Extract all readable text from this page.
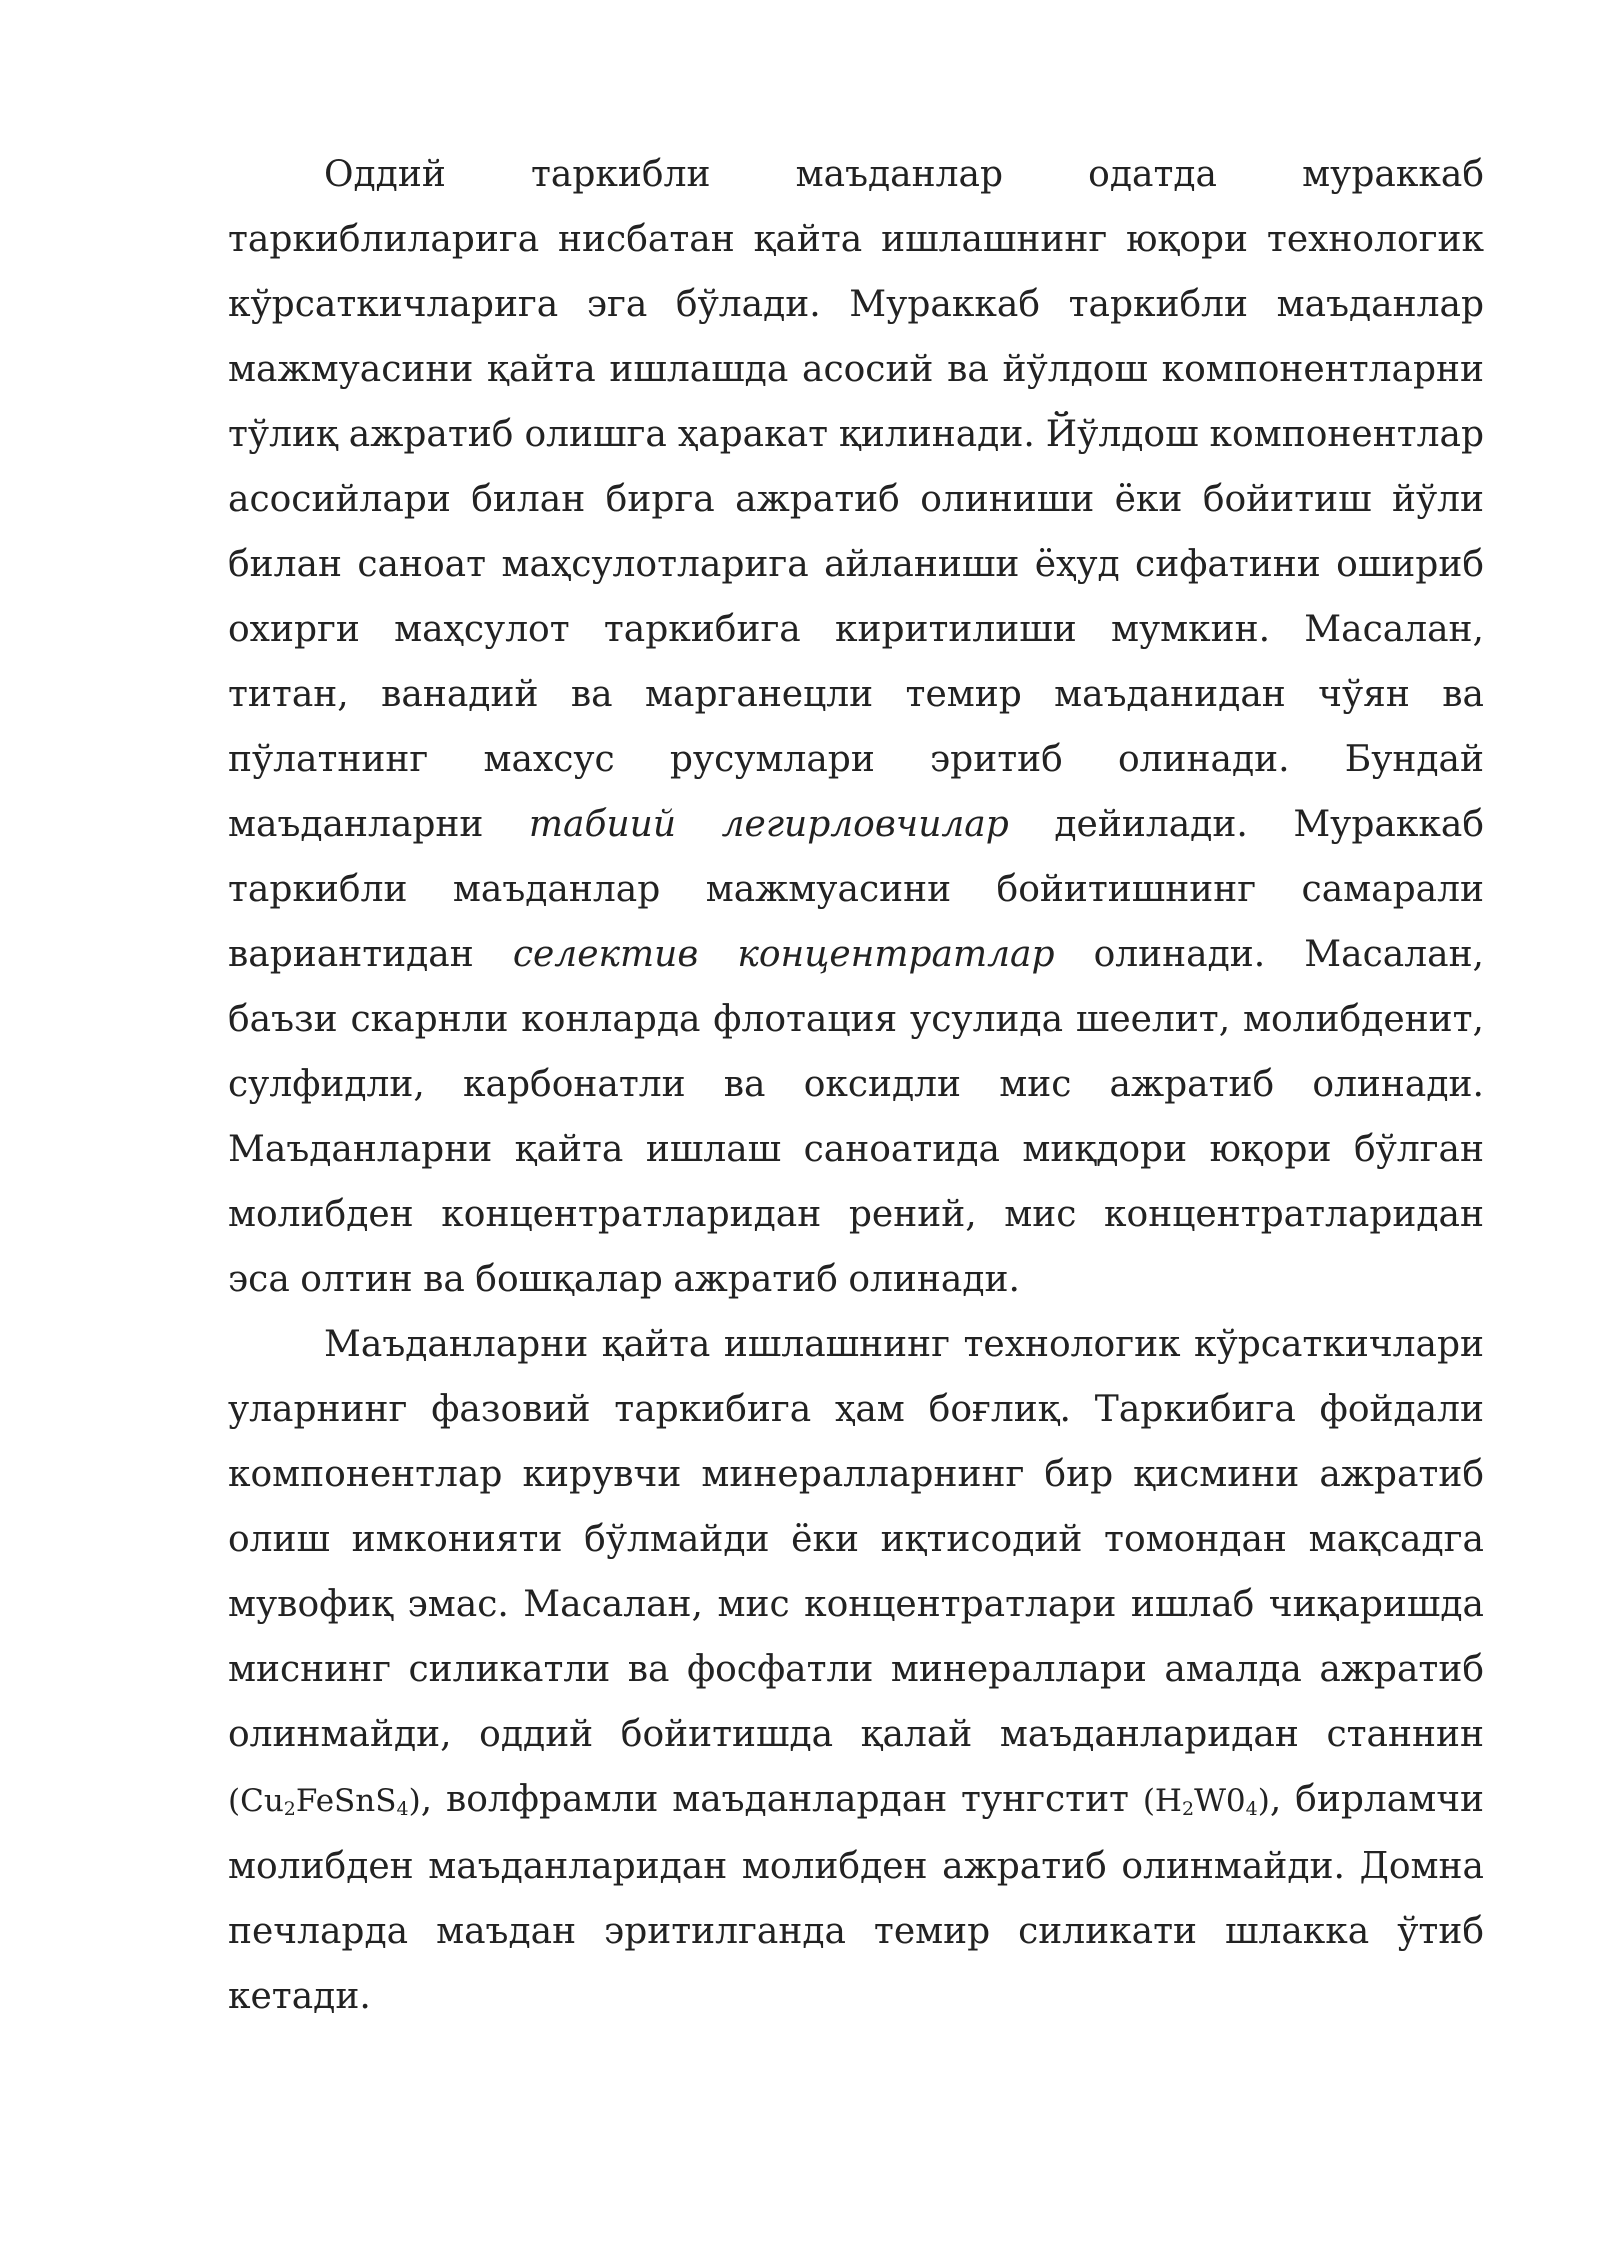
Оддий таркибли маъданлар одатда мураккаб таркиблиларига нисбатан қайта ишлашнинг юқори технологик кўрсаткичларига эга бўлади. Мураккаб таркибли маъданлар мажмуасини қайта ишлашда асосий ва йўлдош компонентларни тўлиқ ажратиб олишга ҳаракат қилинади. Йўлдош компонентлар асосийлари билан бирга ажратиб олиниши ёки бойитиш йўли билан саноат маҳсулотларига айланиши ёҳуд сифатини ошириб охирги маҳсулот таркибига киритилиши мумкин. Масалан, титан, ванадий ва марганецли темир маъданидан чўян ва пўлатнинг махсус русумлари эритиб олинади. Бундай маъданларни табиий легирловчилар дейилади. Мураккаб таркибли маъданлар мажмуасини бойитишнинг самарали вариантидан селектив концентратлар олинади. Масалан, баъзи скарнли конларда флотация усулида шеелит, молибденит, сулфидли, карбонатли ва оксидли мис ажратиб олинади. Маъданларни қайта ишлаш саноатида миқдори юқори бўлган молибден концентратларидан рений, мис концентратларидан эса олтин ва бошқалар ажратиб олинади.

Маъданларни қайта ишлашнинг технологик кўрсаткичлари уларнинг фазовий таркибига ҳам боғлиқ. Таркибига фойдали компонентлар кирувчи минералларнинг бир қисмини ажратиб олиш имконияти бўлмайди ёки иқтисодий томондан мақсадга мувофиқ эмас. Масалан, мис концентратлари ишлаб чиқаришда миснинг силикатли ва фосфатли минераллари амалда ажратиб олинмайди, оддий бойитишда қалай маъданларидан станнин $(Cu_2FeSnS_4)$, волфрамли маъданлардан тунгстит $(H_2W0_4)$, бирламчи молибден маъданларидан молибден ажратиб олинмайди. Домна печларда маъдан эритилганда темир силикати шлакка ўтиб кетади.
